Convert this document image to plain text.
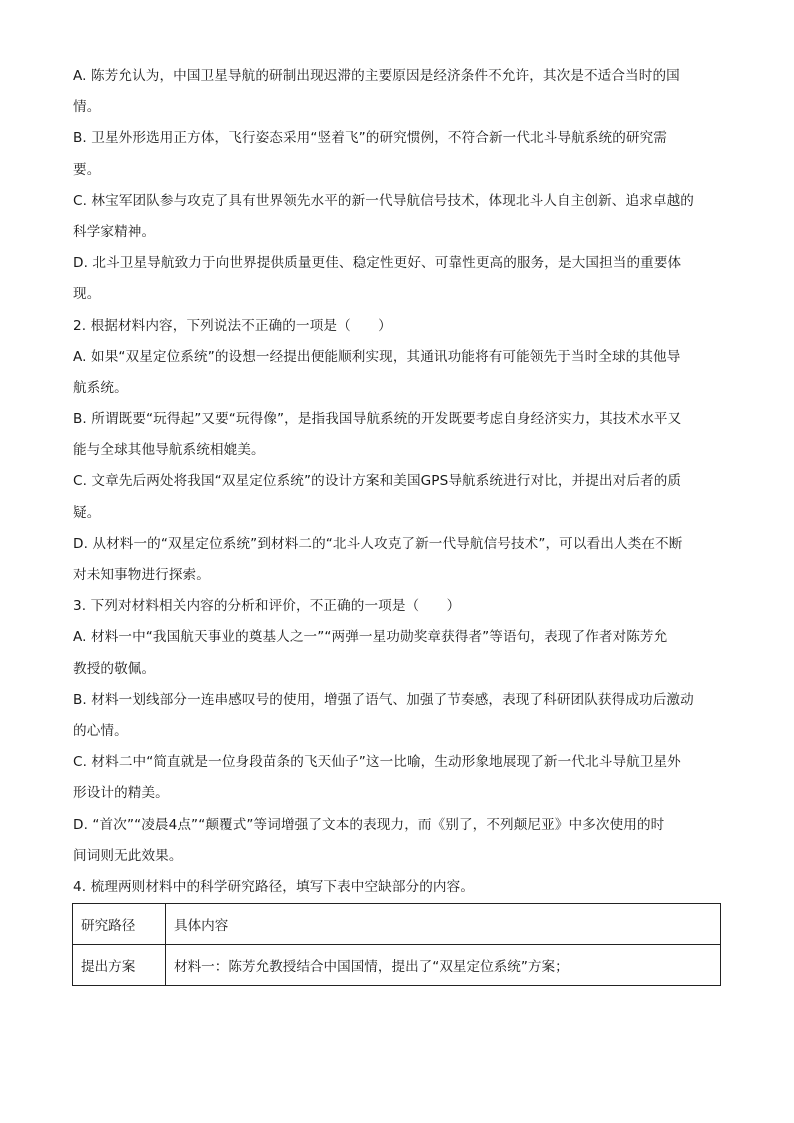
A. 陈芳允认为，中国卫星导航的研制出现迟滞的主要原因是经济条件不允许，其次是不适合当时的国
情。
B. 卫星外形选用正方体，飞行姿态采用“竖着飞”的研究惯例，不符合新一代北斗导航系统的研究需
要。
C. 林宝军团队参与攻克了具有世界领先水平的新一代导航信号技术，体现北斗人自主创新、追求卓越的
科学家精神。
D. 北斗卫星导航致力于向世界提供质量更佳、稳定性更好、可靠性更高的服务，是大国担当的重要体
现。
2. 根据材料内容，下列说法不正确的一项是（　　）
A. 如果“双星定位系统”的设想一经提出便能顺利实现，其通讯功能将有可能领先于当时全球的其他导
航系统。
B. 所谓既要“玩得起”又要“玩得像”，是指我国导航系统的开发既要考虑自身经济实力，其技术水平又
能与全球其他导航系统相媲美。
C. 文章先后两处将我国“双星定位系统”的设计方案和美国GPS导航系统进行对比，并提出对后者的质
疑。
D. 从材料一的“双星定位系统”到材料二的“北斗人攻克了新一代导航信号技术”，可以看出人类在不断
对未知事物进行探索。
3. 下列对材料相关内容的分析和评价，不正确的一项是（　　）
A. 材料一中“我国航天事业的奠基人之一”“两弹一星功勋奖章获得者”等语句，表现了作者对陈芳允
教授的敬佩。
B. 材料一划线部分一连串感叹号的使用，增强了语气、加强了节奏感，表现了科研团队获得成功后激动
的心情。
C. 材料二中“简直就是一位身段苗条的飞天仙子”这一比喻，生动形象地展现了新一代北斗导航卫星外
形设计的精美。
D. “首次”“凌晨4点”“颠覆式”等词增强了文本的表现力，而《别了，不列颠尼亚》中多次使用的时
间词则无此效果。
4. 梳理两则材料中的科学研究路径，填写下表中空缺部分的内容。
研究路径	具体内容
提出方案	材料一：陈芳允教授结合中国国情，提出了“双星定位系统”方案；
